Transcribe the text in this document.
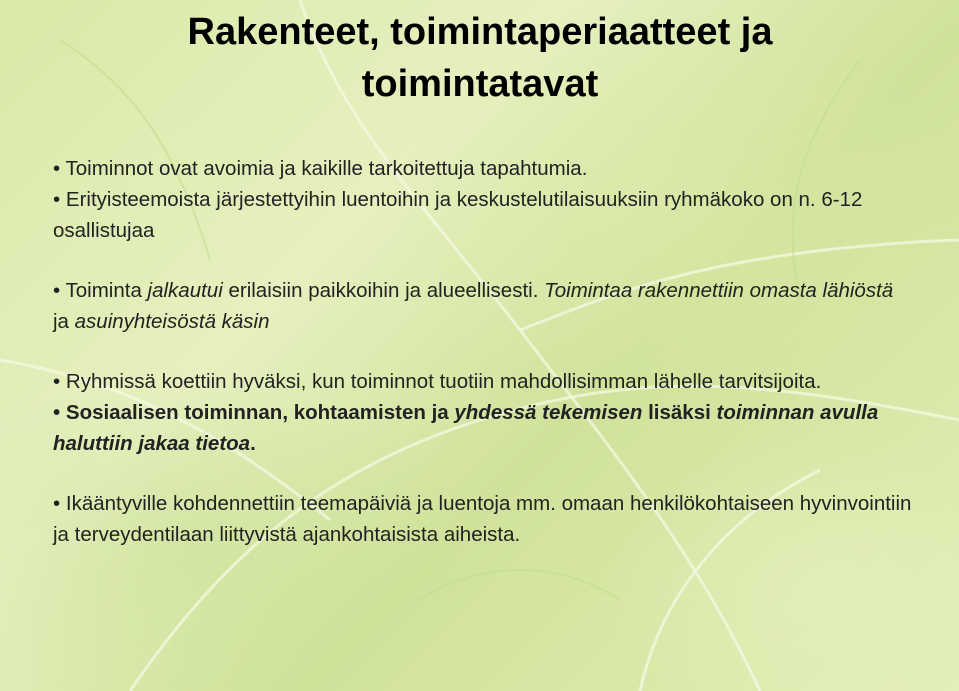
Rakenteet, toimintaperiaatteet ja
toimintatavat

• Toiminnot ovat avoimia ja kaikille tarkoitettuja tapahtumia.

• Erityisteemoista järjestettyihin luentoihin ja keskustelutilaisuuksiin ryhmäkoko on n. 6-12 osallistujaa

• Toiminta jalkautui erilaisiin paikkoihin ja alueellisesti. Toimintaa rakennettiin omasta lähiöstä ja asuinyhteisöstä käsin

• Ryhmissä koettiin hyväksi, kun toiminnot tuotiin mahdollisimman lähelle tarvitsijoita.

• Sosiaalisen toiminnan, kohtaamisten ja yhdessä tekemisen lisäksi toiminnan avulla haluttiin jakaa tietoa.

• Ikääntyville kohdennettiin teemapäiviä ja luentoja mm. omaan henkilökohtaiseen hyvinvointiin ja terveydentilaan liittyvistä ajankohtaisista aiheista.
